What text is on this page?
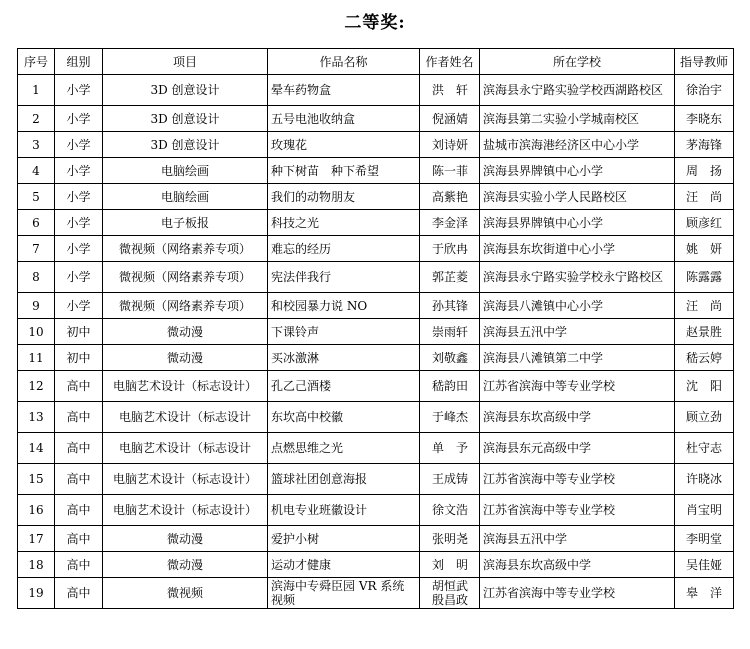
二等奖:
序号	组别	项目	作品名称	作者姓名	所在学校	指导教师
1	小学	3D 创意设计	晕车药物盒	洪　轩	滨海县永宁路实验学校西湖路校区	徐治宇
2	小学	3D 创意设计	五号电池收纳盒	倪涵婧	滨海县第二实验小学城南校区	李晓东
3	小学	3D 创意设计	玫瑰花	刘诗妍	盐城市滨海港经济区中心小学	茅海锋
4	小学	电脑绘画	种下树苗　种下希望	陈一菲	滨海县界牌镇中心小学	周　扬
5	小学	电脑绘画	我们的动物朋友	高紫艳	滨海县实验小学人民路校区	汪　尚
6	小学	电子板报	科技之光	李金泽	滨海县界牌镇中心小学	顾彦红
7	小学	微视频（网络素养专项）	难忘的经历	于欣冉	滨海县东坎街道中心小学	姚　妍
8	小学	微视频（网络素养专项）	宪法伴我行	郭芷菱	滨海县永宁路实验学校永宁路校区	陈露露
9	小学	微视频（网络素养专项）	和校园暴力说 NO	孙其锋	滨海县八滩镇中心小学	汪　尚
10	初中	微动漫	下课铃声	崇雨轩	滨海县五汛中学	赵景胜
11	初中	微动漫	买冰激淋	刘敬鑫	滨海县八滩镇第二中学	嵇云婷
12	高中	电脑艺术设计（标志设计）	孔乙己酒楼	嵇韵田	江苏省滨海中等专业学校	沈　阳
13	高中	电脑艺术设计（标志设计	东坎高中校徽	于峰杰	滨海县东坎高级中学	顾立劲
14	高中	电脑艺术设计（标志设计	点燃思维之光	单　予	滨海县东元高级中学	杜守志
15	高中	电脑艺术设计（标志设计）	篮球社团创意海报	王成铸	江苏省滨海中等专业学校	许晓冰
16	高中	电脑艺术设计（标志设计）	机电专业班徽设计	徐文浩	江苏省滨海中等专业学校	肖宝明
17	高中	微动漫	爱护小树	张明尧	滨海县五汛中学	李明堂
18	高中	微动漫	运动才健康	刘　明	滨海县东坎高级中学	吴佳娅
19	高中	微视频	滨海中专舜臣园 VR 系统视频	胡恒武 殷昌政	江苏省滨海中等专业学校	皋　洋
